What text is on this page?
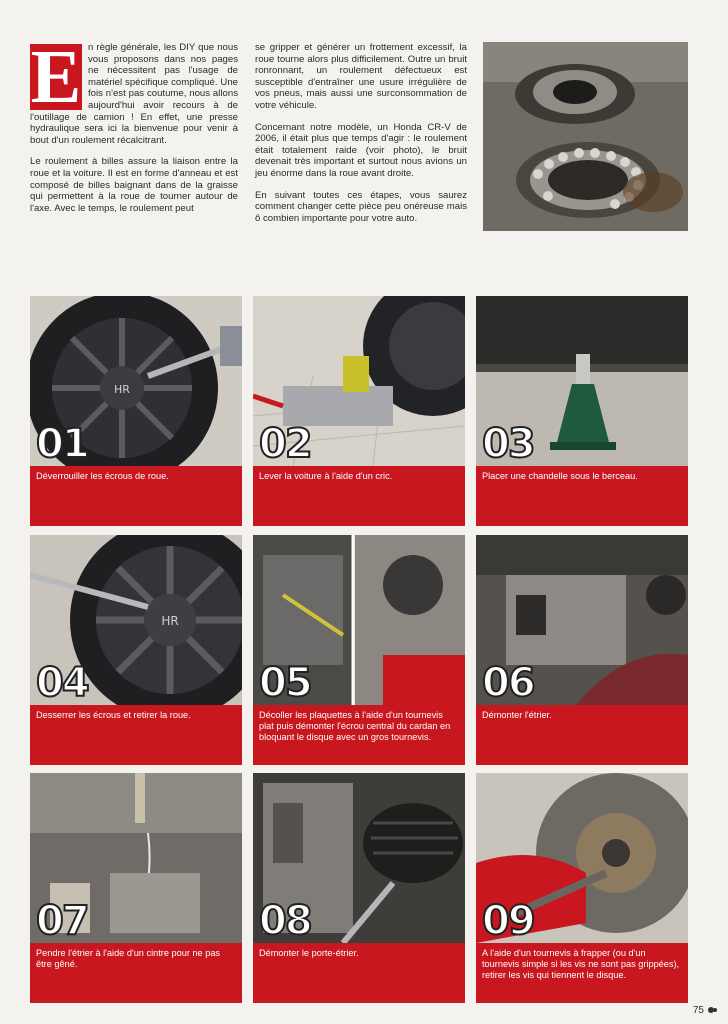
E n règle générale, les DIY que nous vous proposons dans nos pages ne nécessitent pas l'usage de matériel spécifique compliqué. Une fois n'est pas coutume, nous allons aujourd'hui avoir recours à de l'outillage de camion ! En effet, une presse hydraulique sera ici la bienvenue pour venir à bout d'un roulement récalcitrant.

Le roulement à billes assure la liaison entre la roue et la voiture. Il est en forme d'anneau et est composé de billes baignant dans de la graisse qui permettent à la roue de tourner autour de l'axe. Avec le temps, le roulement peut

se gripper et générer un frottement excessif, la roue tourne alors plus difficilement. Outre un bruit ronronnant, un roulement défectueux est susceptible d'entraîner une usure irrégulière de vos pneus, mais aussi une surconsommation de votre véhicule.

Concernant notre modèle, un Honda CR-V de 2006, il était plus que temps d'agir : le roulement était totalement raide (voir photo), le bruit devenait très important et surtout nous avions un jeu énorme dans la roue avant droite.

En suivant toutes ces étapes, vous saurez comment changer cette pièce peu onéreuse mais ô combien importante pour votre auto.

HR
01
Déverrouiller les écrous de roue.
02
Lever la voiture à l'aide d'un cric.
03
Placer une chandelle sous le berceau.
HR
04
Desserrer les écrous et retirer la roue.
05
Décoller les plaquettes à l'aide d'un tournevis plat puis démonter l'écrou central du cardan en bloquant le disque avec un gros tournevis.
06
Démonter l'étrier.
07
Pendre l'étrier à l'aide d'un cintre pour ne pas être gêné.
08
Démonter le porte-étrier.
09
A l'aide d'un tournevis à frapper (ou d'un tournevis simple si les vis ne sont pas grippées), retirer les vis qui tiennent le disque.
75
